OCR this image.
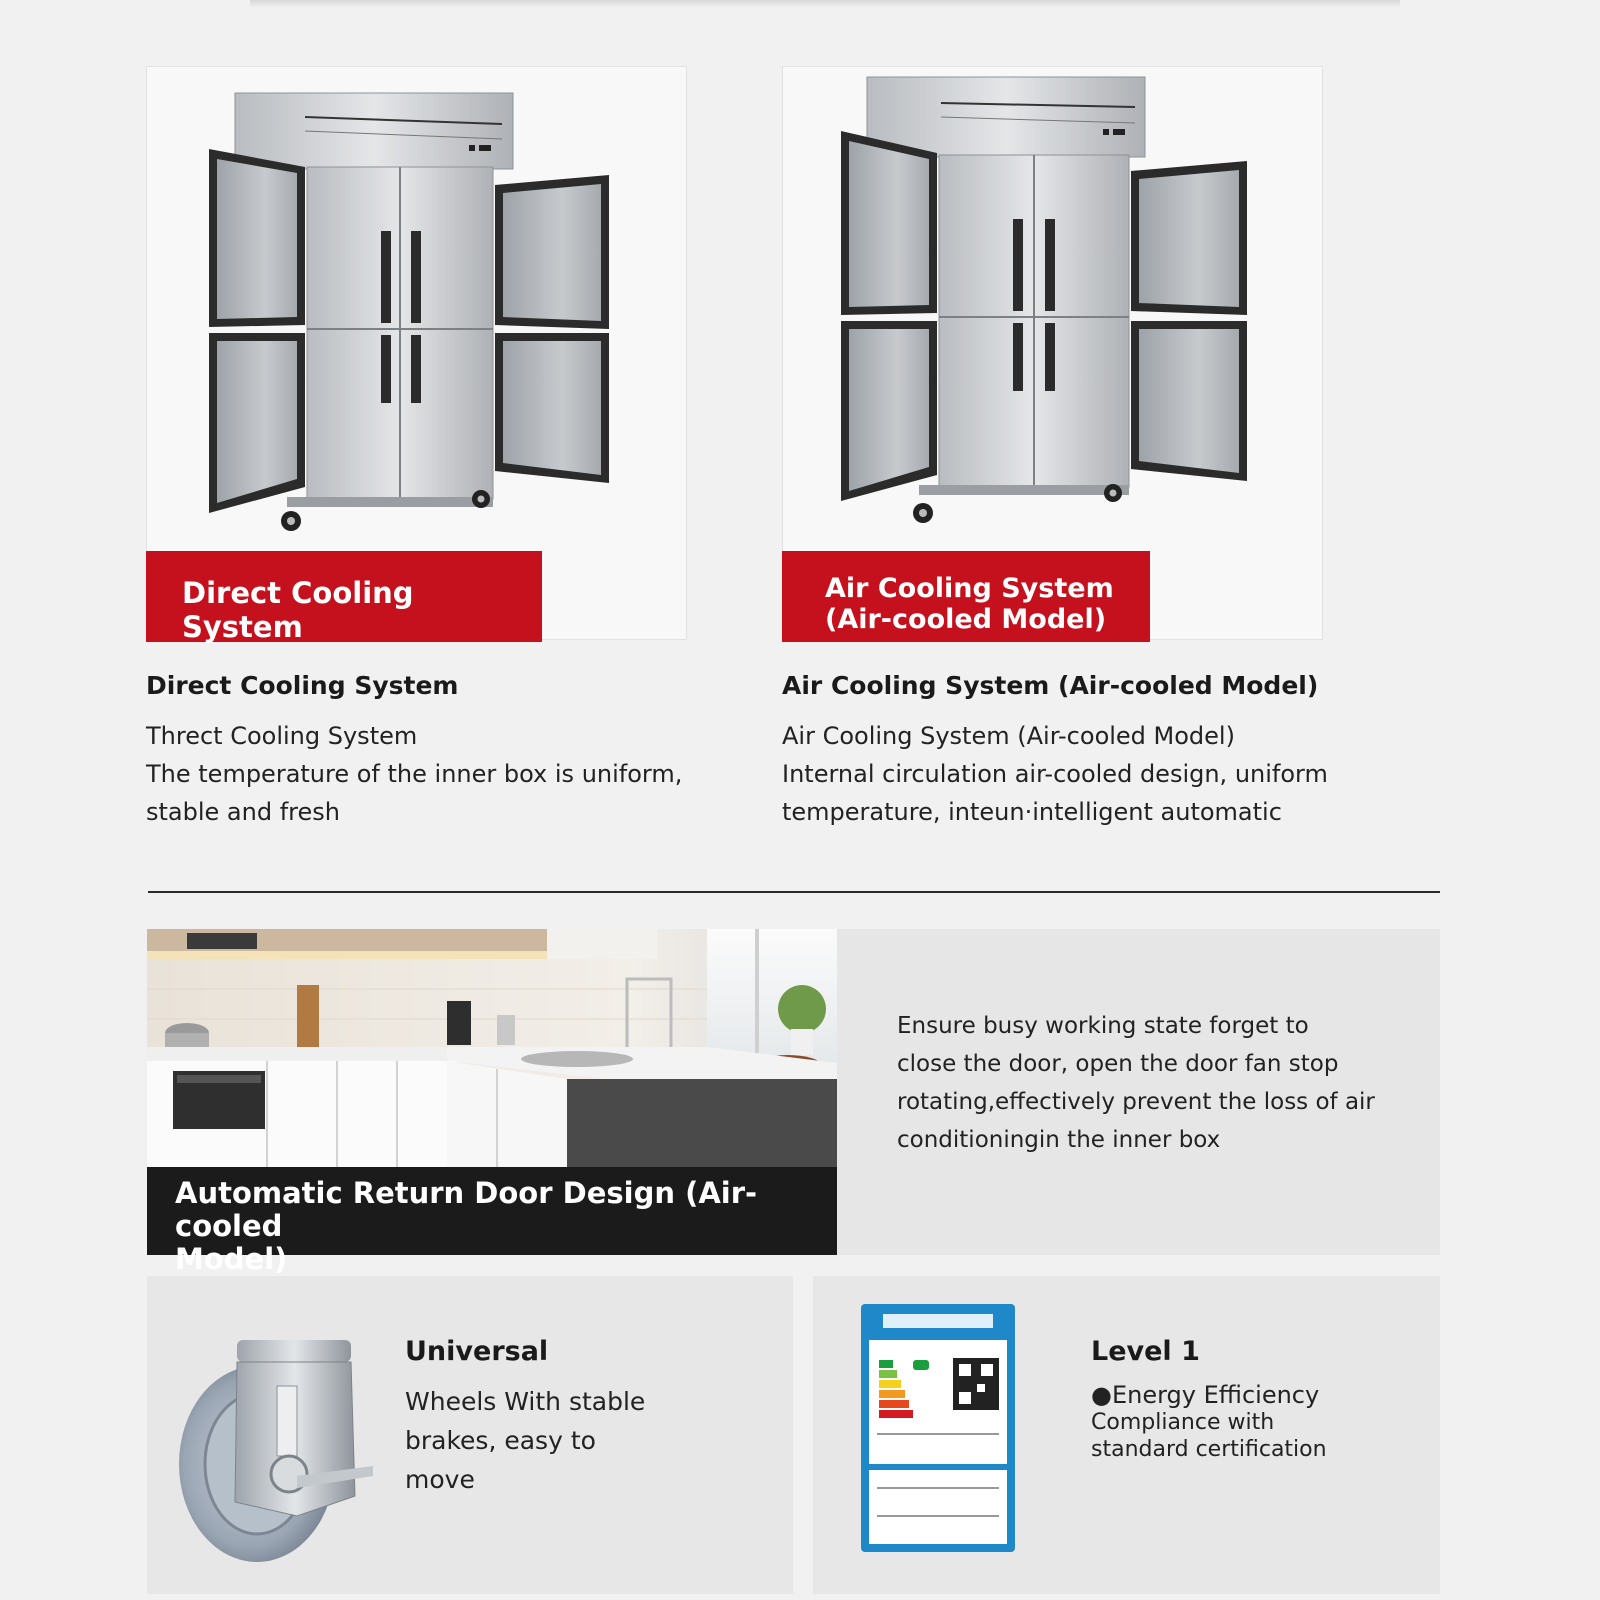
Direct Cooling System
Air Cooling System
(Air-cooled Model)
Direct Cooling System
Threct Cooling System
The temperature of the inner box is uniform,
stable and fresh
Air Cooling System (Air-cooled Model)
Air Cooling System (Air-cooled Model)
Internal circulation air-cooled design, uniform
temperature, inteun·intelligent automatic
Automatic Return Door Design (Air-cooled
Model)
Ensure busy working state forget to
close the door, open the door fan stop
rotating,effectively prevent the loss of air
conditioningin the inner box
Universal
Wheels With stable
brakes, easy to
move
Level 1
●Energy Efficiency
Compliance with
standard certification
